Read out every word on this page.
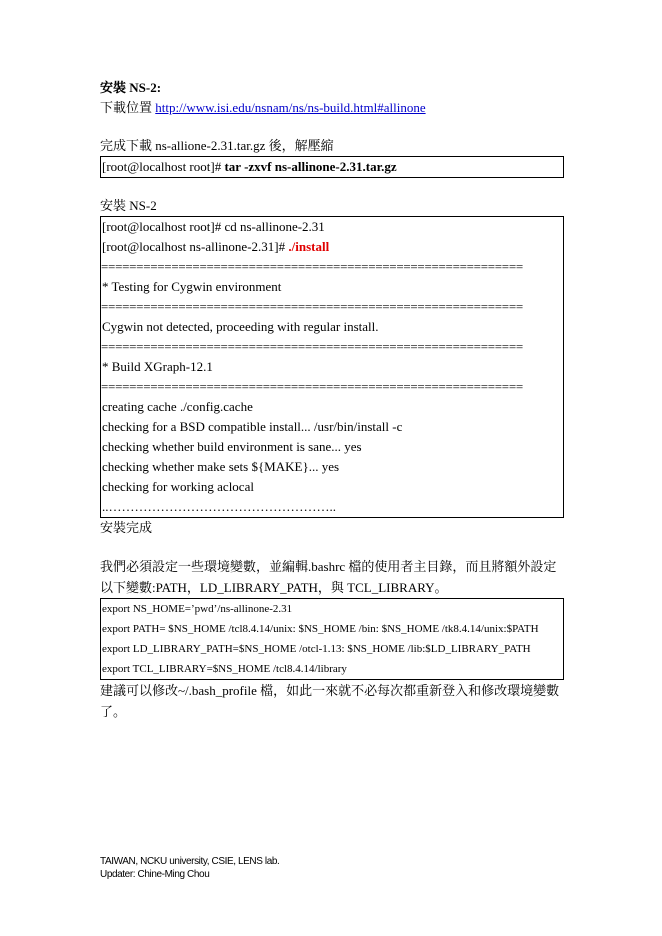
安裝 NS-2:
下載位置 http://www.isi.edu/nsnam/ns/ns-build.html#allinone
完成下載 ns-allione-2.31.tar.gz 後，解壓縮
[root@localhost root]# tar -zxvf ns-allinone-2.31.tar.gz
安裝 NS-2
[root@localhost root]# cd ns-allinone-2.31
[root@localhost ns-allinone-2.31]# ./install
============================================================
* Testing for Cygwin environment
============================================================
Cygwin not detected, proceeding with regular install.
============================================================
* Build XGraph-12.1
============================================================
creating cache ./config.cache
checking for a BSD compatible install... /usr/bin/install -c
checking whether build environment is sane... yes
checking whether make sets ${MAKE}... yes
checking for working aclocal
..……………………………………………..
安裝完成
我們必須設定一些環境變數，並編輯.bashrc 檔的使用者主目錄，而且將額外設定以下變數:PATH，LD_LIBRARY_PATH，與 TCL_LIBRARY。
export NS_HOME=’pwd’/ns-allinone-2.31
export PATH= $NS_HOME /tcl8.4.14/unix: $NS_HOME /bin: $NS_HOME /tk8.4.14/unix:$PATH
export LD_LIBRARY_PATH=$NS_HOME /otcl-1.13: $NS_HOME /lib:$LD_LIBRARY_PATH
export TCL_LIBRARY=$NS_HOME /tcl8.4.14/library
建議可以修改~/.bash_profile 檔，如此一來就不必每次都重新登入和修改環境變數了。
TAIWAN, NCKU university, CSIE, LENS lab.
Updater: Chine-Ming Chou
